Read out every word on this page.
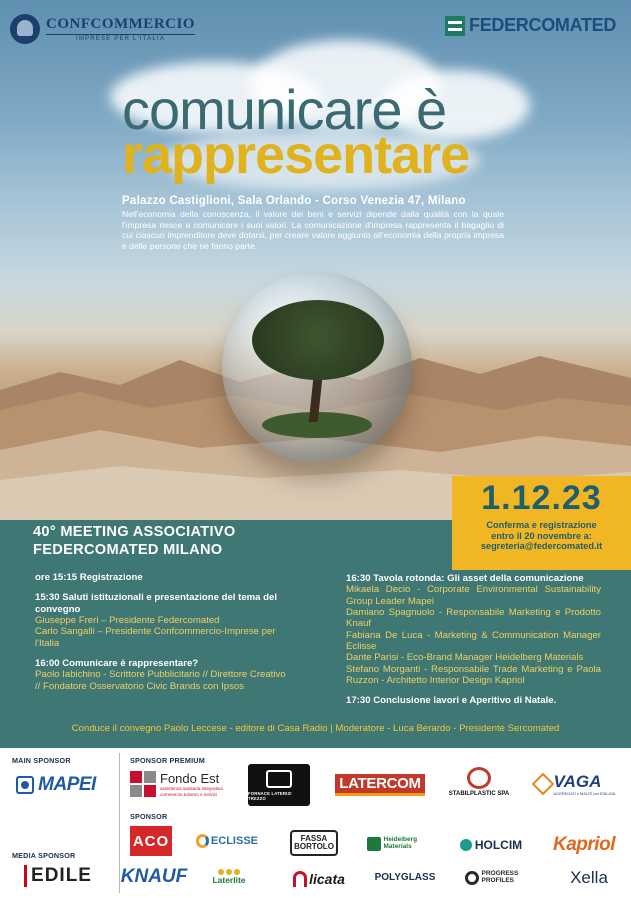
CONFCOMMERCIO
IMPRESE PER L'ITALIA
FEDERCOMATED
comunicare è
rappresentare
Palazzo Castiglioni, Sala Orlando - Corso Venezia 47, Milano
Nell'economia della conoscenza, il valore dei beni e servizi dipende dalla qualità con la quale l'impresa riesce a comunicare i suoi valori. La comunicazione d'impresa rappresenta il bagaglio di cui ciascun imprenditore deve dotarsi, per creare valore aggiunto all'economia della propria impresa e delle persone che ne fanno parte.
40° MEETING ASSOCIATIVO
FEDERCOMATED MILANO
1.12.23
Conferma e registrazione
entro il 20 novembre a:
segreteria@federcomated.it
ore 15:15 Registrazione
15:30 Saluti istituzionali e presentazione del tema del convegno
Giuseppe Freri – Presidente Federcomated
Carlo Sangalli – Presidente Confcommercio-Imprese per l'Italia
16:00 Comunicare è rappresentare?
Paolo Iabichino - Scrittore Pubblicitario // Direttore Creativo // Fondatore Osservatorio Civic Brands con Ipsos
16:30 Tavola rotonda: Gli asset della comunicazione
Mikaela Decio - Corporate Environmental Sustainability Group Leader Mapei
Damiano Spagnuolo - Responsabile Marketing e Prodotto Knauf
Fabiana De Luca - Marketing & Communication Manager Eclisse
Dante Parisi - Eco-Brand Manager Heidelberg Materials
Stefano Morganti - Responsabile Trade Marketing e Paola Ruzzon - Architetto Interior Design Kapriol
17:30 Conclusione lavori e Aperitivo di Natale.
Conduce il convegno Paolo Leccese - editore di Casa Radio | Moderatore - Luca Berardo - Presidente Sercomated
MAIN SPONSOR	SPONSOR PREMIUM
SPONSOR
MEDIA SPONSOR
MAPEI
EDILE
Fondo Est
assistenza sanitaria integrativa commercio turismo e servizi	FORNACE LATERIZI TREZZO
LATERCOM
STABILPLASTIC SPA
VAGA
AGGREGATI e MALTE per EDILIZIA
ACO	ECLISSE	FASSA BORTOLO
Heidelberg Materials	HOLCIM Kapriol
KNAUF	Laterlite	licata	POLYGLASS	PROGRESS PROFILES	Xella
